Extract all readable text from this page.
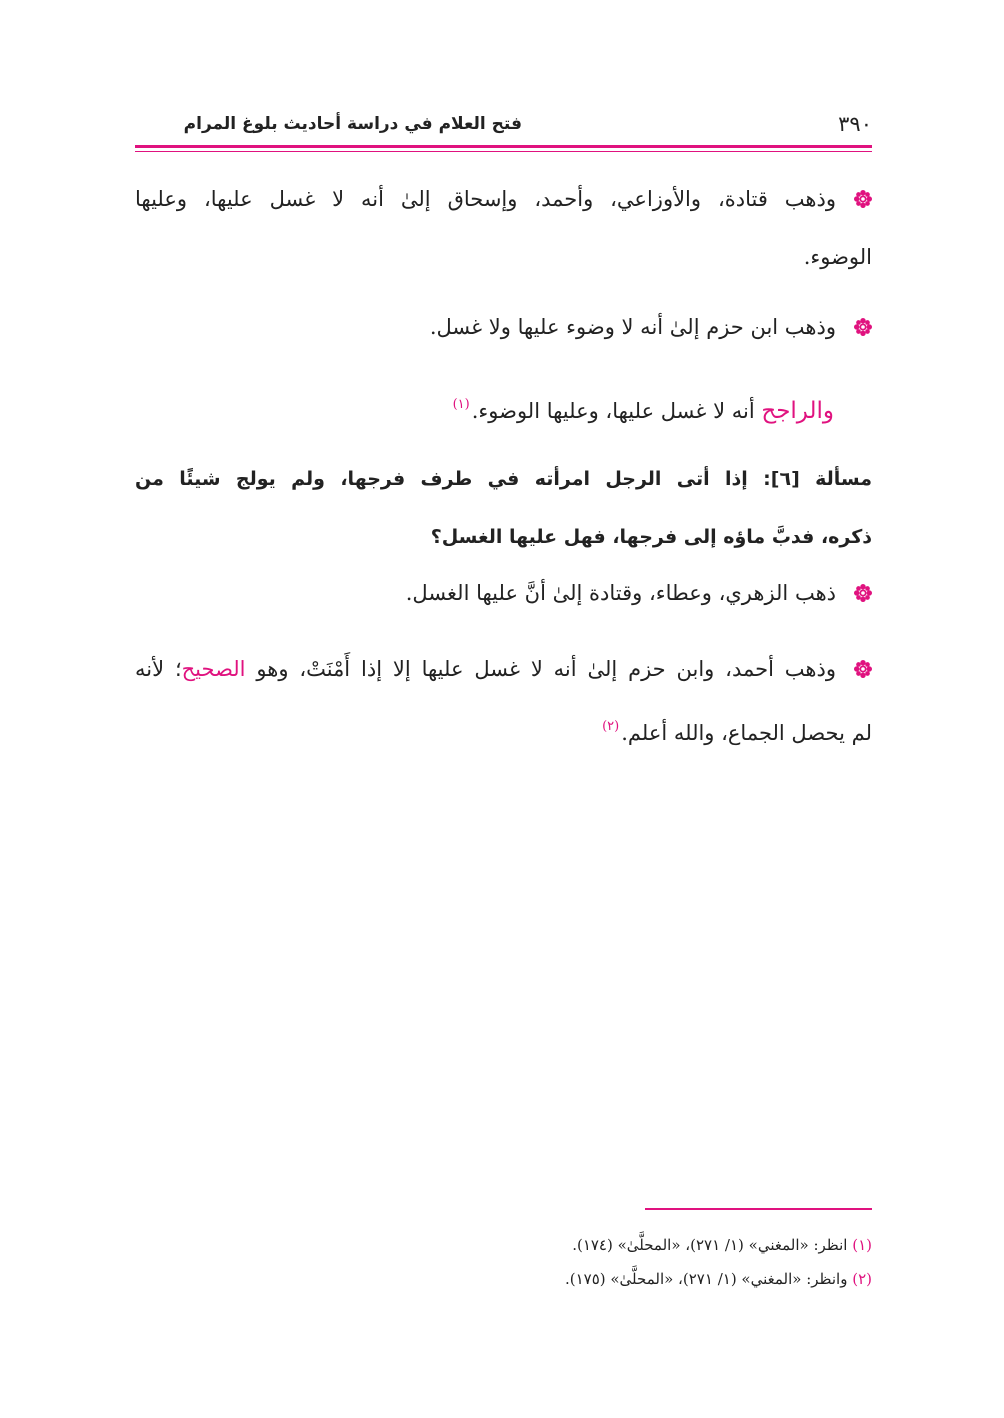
٣٩٠
فتح العلام في دراسة أحاديث بلوغ المرام
وذهب قتادة، والأوزاعي، وأحمد، وإسحاق إلىٰ أنه لا غسل عليها، وعليها
الوضوء.
وذهب ابن حزم إلىٰ أنه لا وضوء عليها ولا غسل.
والراجح أنه لا غسل عليها، وعليها الوضوء.$^{(١)}$
مسألة [٦]: إذا أتى الرجل امرأته في طرف فرجها، ولم يولج شيئًا من
ذكره، فدبَّ ماؤه إلى فرجها، فهل عليها الغسل؟
ذهب الزهري، وعطاء، وقتادة إلىٰ أنَّ عليها الغسل.
وذهب أحمد، وابن حزم إلىٰ أنه لا غسل عليها إلا إذا أَمْنَتْ، وهو الصحيح؛ لأنه
لم يحصل الجماع، والله أعلم.$^{(٢)}$
(١) انظر: «المغني» (١/ ٢٧١)، «المحلَّىٰ» (١٧٤).
(٢) وانظر: «المغني» (١/ ٢٧١)، «المحلَّىٰ» (١٧٥).
